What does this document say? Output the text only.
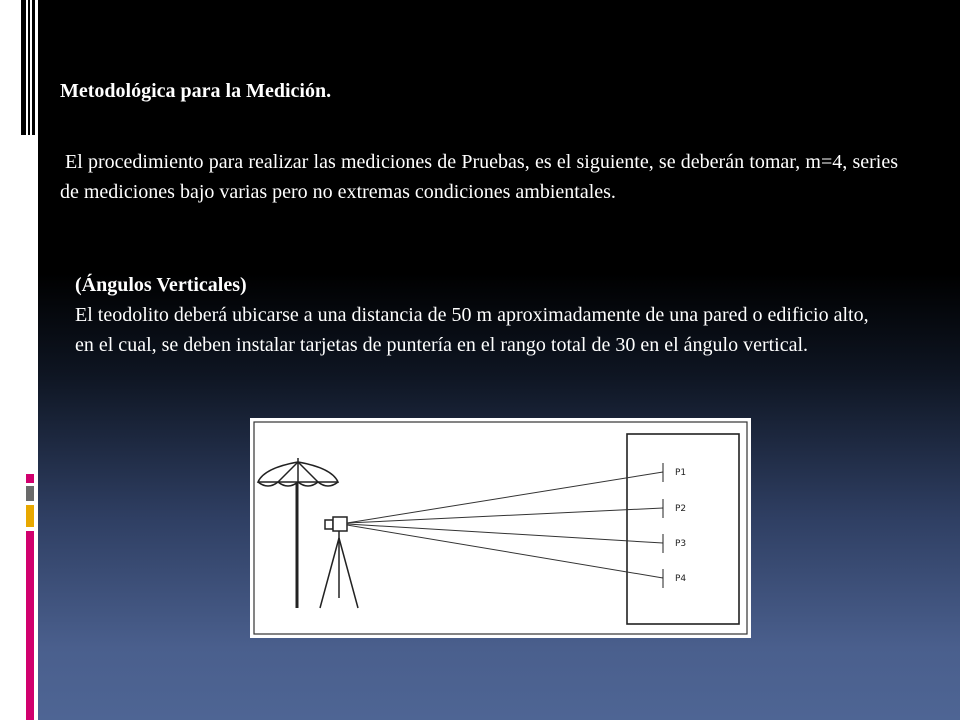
Metodológica para la Medición.

El procedimiento para realizar las mediciones de Pruebas, es el siguiente, se deberán tomar, m=4, series de mediciones bajo varias pero no extremas condiciones ambientales.

(Ángulos Verticales)
El teodolito deberá ubicarse a una distancia de 50 m aproximadamente de una pared o edificio alto, en el cual, se deben instalar tarjetas de puntería en el rango total de 30 en el ángulo vertical.
P1
P2
P3
P4
